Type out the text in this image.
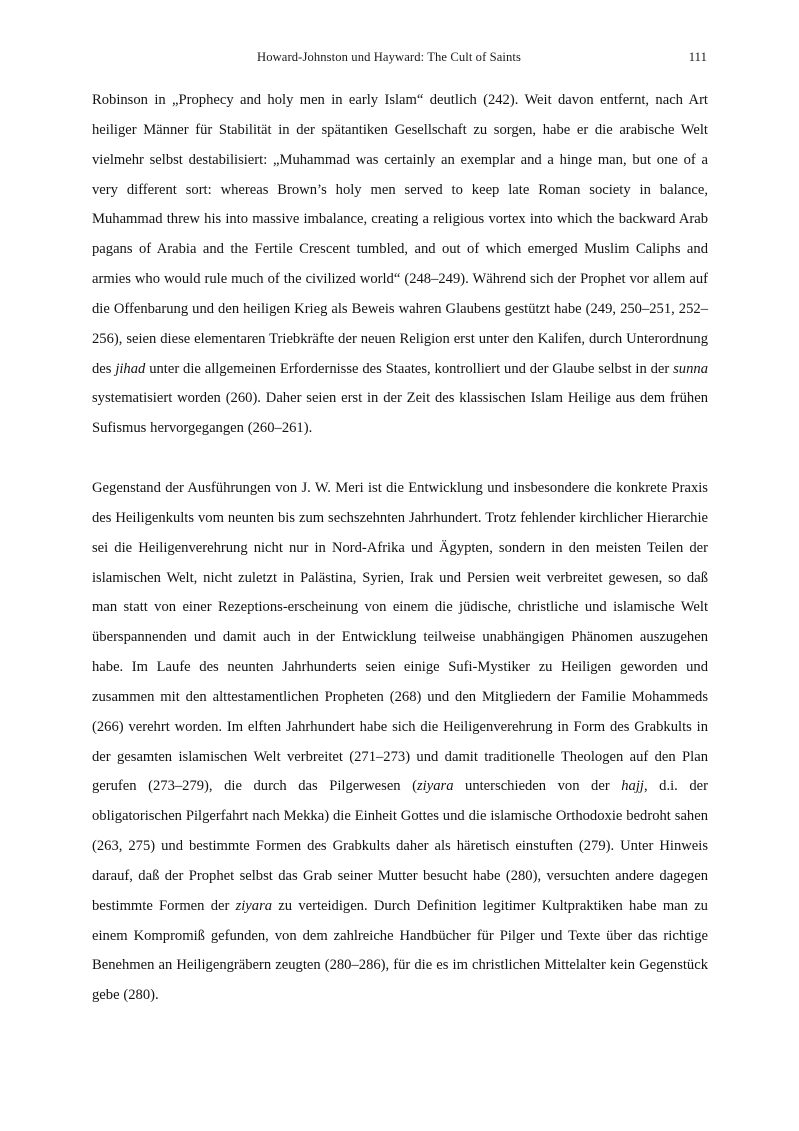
Howard-Johnston und Hayward: The Cult of Saints	111

Robinson in „Prophecy and holy men in early Islam“ deutlich (242). Weit davon entfernt, nach Art heiliger Männer für Stabilität in der spätantiken Gesellschaft zu sorgen, habe er die arabische Welt vielmehr selbst destabilisiert: „Muhammad was certainly an exemplar and a hinge man, but one of a very different sort: whereas Brown’s holy men served to keep late Roman society in balance, Muhammad threw his into massive imbalance, creating a religious vortex into which the backward Arab pagans of Arabia and the Fertile Crescent tumbled, and out of which emerged Muslim Caliphs and armies who would rule much of the civilized world“ (248–249). Während sich der Prophet vor allem auf die Offenbarung und den heiligen Krieg als Beweis wahren Glaubens gestützt habe (249, 250–251, 252–256), seien diese elementaren Triebkräfte der neuen Religion erst unter den Kalifen, durch Unterordnung des jihad unter die allgemeinen Erfordernisse des Staates, kontrolliert und der Glaube selbst in der sunna systematisiert worden (260). Daher seien erst in der Zeit des klassischen Islam Heilige aus dem frühen Sufismus hervorgegangen (260–261).

Gegenstand der Ausführungen von J. W. Meri ist die Entwicklung und insbesondere die konkrete Praxis des Heiligenkults vom neunten bis zum sechszehnten Jahrhundert. Trotz fehlender kirchlicher Hierarchie sei die Heiligenverehrung nicht nur in Nord-Afrika und Ägypten, sondern in den meisten Teilen der islamischen Welt, nicht zuletzt in Palästina, Syrien, Irak und Persien weit verbreitet gewesen, so daß man statt von einer Rezeptions-erscheinung von einem die jüdische, christliche und islamische Welt überspannenden und damit auch in der Entwicklung teilweise unabhängigen Phänomen auszugehen habe. Im Laufe des neunten Jahrhunderts seien einige Sufi-Mystiker zu Heiligen geworden und zusammen mit den alttestamentlichen Propheten (268) und den Mitgliedern der Familie Mohammeds (266) verehrt worden. Im elften Jahrhundert habe sich die Heiligenverehrung in Form des Grabkults in der gesamten islamischen Welt verbreitet (271–273) und damit traditionelle Theologen auf den Plan gerufen (273–279), die durch das Pilgerwesen (ziyara unterschieden von der hajj, d.i. der obligatorischen Pilgerfahrt nach Mekka) die Einheit Gottes und die islamische Orthodoxie bedroht sahen (263, 275) und bestimmte Formen des Grabkults daher als häretisch einstuften (279). Unter Hinweis darauf, daß der Prophet selbst das Grab seiner Mutter besucht habe (280), versuchten andere dagegen bestimmte Formen der ziyara zu verteidigen. Durch Definition legitimer Kultpraktiken habe man zu einem Kompromiß gefunden, von dem zahlreiche Handbücher für Pilger und Texte über das richtige Benehmen an Heiligengräbern zeugten (280–286), für die es im christlichen Mittelalter kein Gegenstück gebe (280).
